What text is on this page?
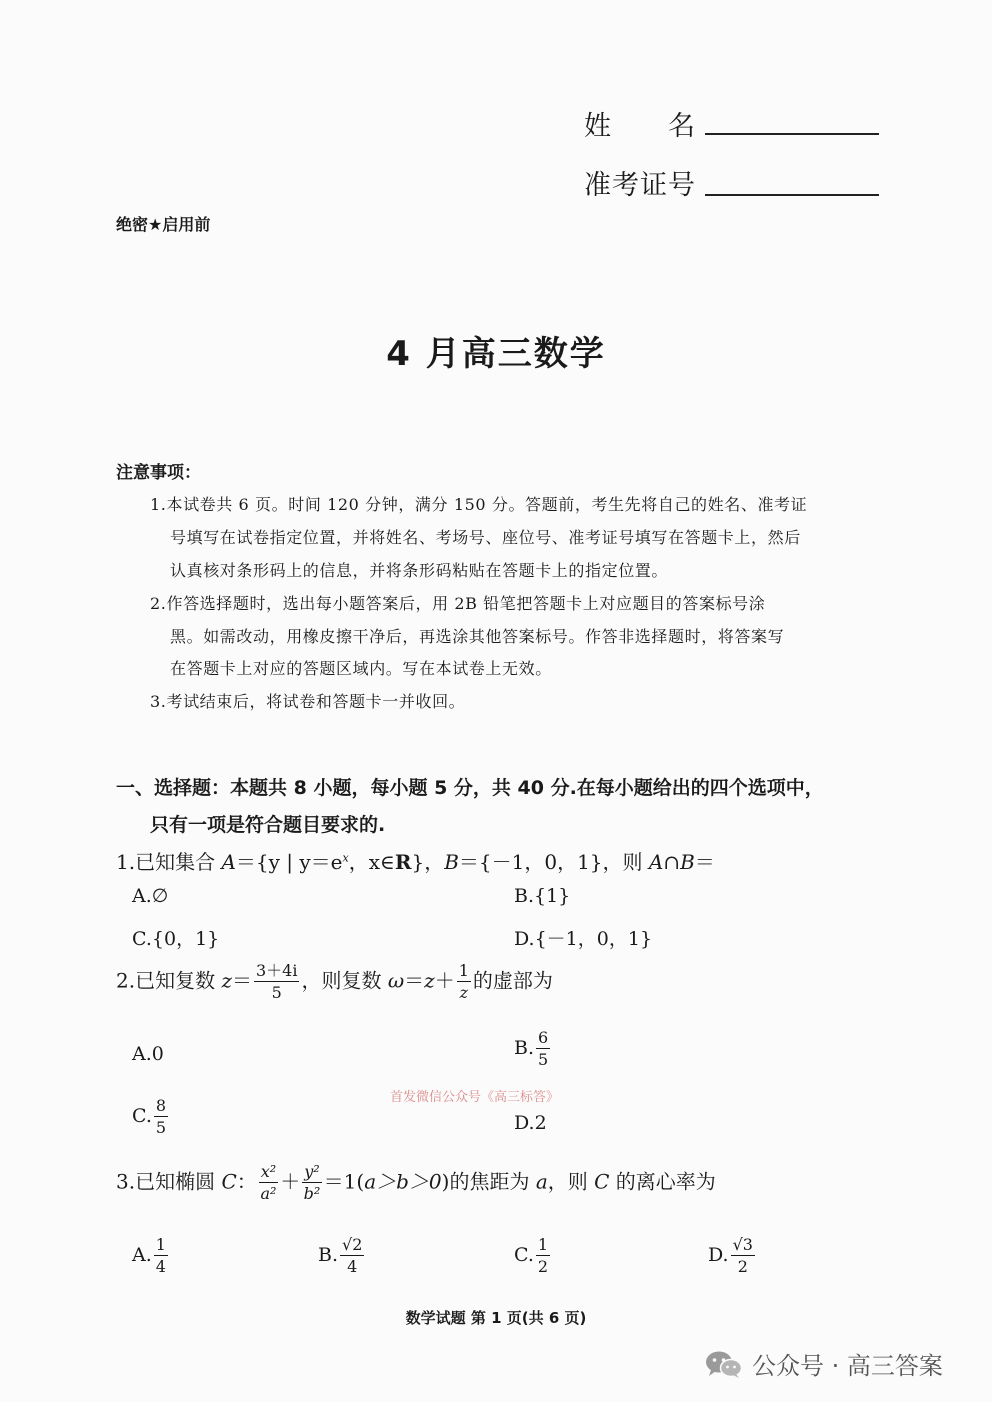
姓　　名
准考证号
绝密★启用前
4 月高三数学
注意事项：
1.本试卷共 6 页。时间 120 分钟，满分 150 分。答题前，考生先将自己的姓名、准考证
号填写在试卷指定位置，并将姓名、考场号、座位号、准考证号填写在答题卡上，然后
认真核对条形码上的信息，并将条形码粘贴在答题卡上的指定位置。
2.作答选择题时，选出每小题答案后，用 2B 铅笔把答题卡上对应题目的答案标号涂
黑。如需改动，用橡皮擦干净后，再选涂其他答案标号。作答非选择题时，将答案写
在答题卡上对应的答题区域内。写在本试卷上无效。
3.考试结束后，将试卷和答题卡一并收回。
一、选择题：本题共 8 小题，每小题 5 分，共 40 分.在每小题给出的四个选项中，
只有一项是符合题目要求的.
1.已知集合 A＝{y | $y=e^x$，x∈R}，B＝{－1，0，1}，则 A∩B＝
A.∅	B.{1}
C.{0，1}	D.{－1，0，1}
2.已知复数 $z= \frac{3+4i}{5}$ ，则复数 $\omega=z+ \frac{1}{z}$ 的虚部为
A.0	B. $\frac{6}{5}$
首发微信公众号《高三标答》
C. $\frac{8}{5}$	D.2
3.已知椭圆 C： $\frac{\text{x²}}{\text{a²}} + \frac{\text{y²}}{\text{b²}} =1(a>b>0)$的焦距为 a，则 C 的离心率为
A. $\frac{1}{4}$	B. $\frac{√2}{4}$	C. $\frac{1}{2}$	D. $\frac{√3}{2}$
数学试题 第 1 页(共 6 页)
公众号 · 高三答案
